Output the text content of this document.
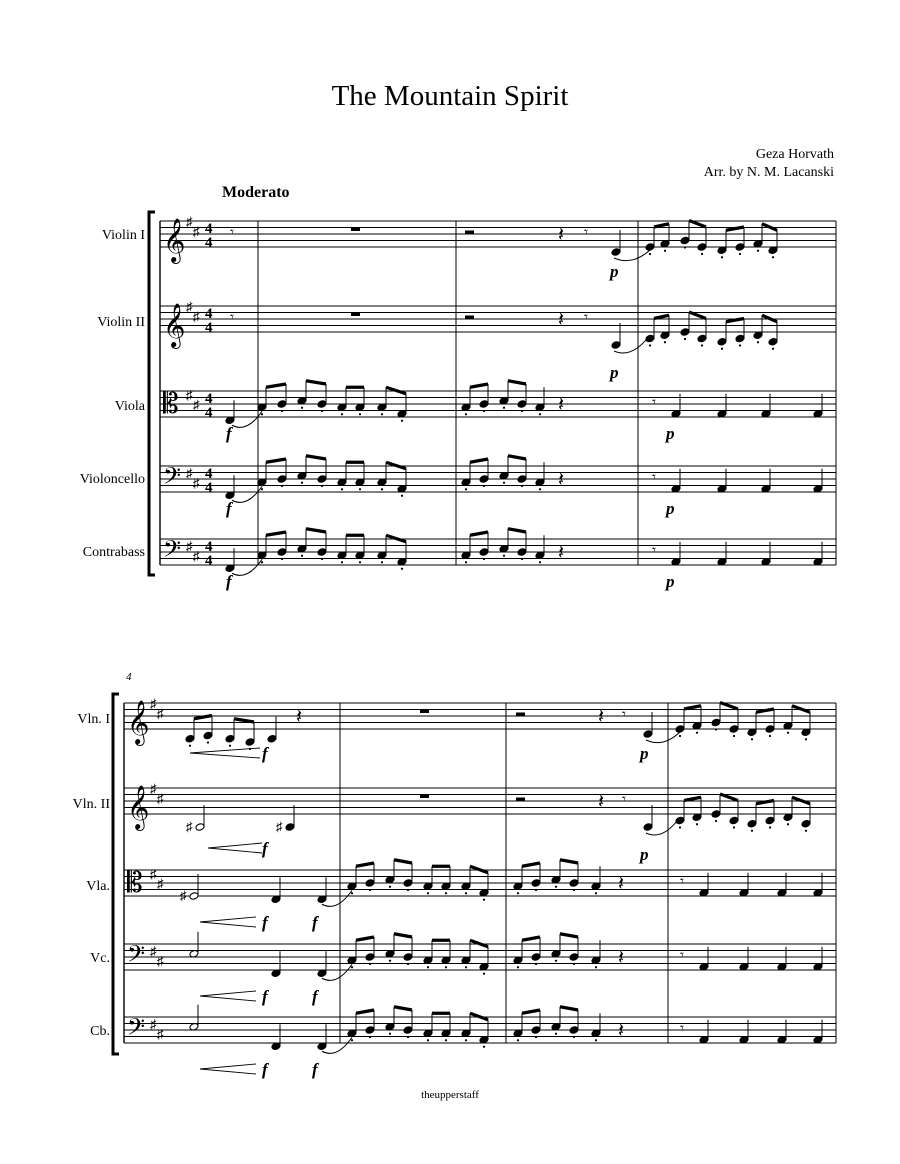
The Mountain Spirit
Geza Horvath
Arr. by N. M. Lacanski
Moderato
Violin I
Violin II
Viola
Violoncello
Contrabass
4
Vln. I
Vln. II
Vla.
Vc.
Cb.
𝄞 ♯
♯ 4
4
𝄞 ♯
♯ 4
4
𝄡 ♯
♯ 4
4
𝄢 ♯
♯
4
4
𝄢 ♯
♯
4
4
𝄾	𝄽 𝄾
p
𝄾	𝄽 𝄾
p
f
𝄽	𝄾
p
f
𝄽	𝄾
p
f
𝄽	𝄾
p
𝄞 ♯
♯
𝄞 ♯
♯
𝄡 ♯
♯
𝄢 ♯
♯
𝄢 ♯
♯
𝄽
f
♯	♯
f
♯
f	f
f	f
f	f
𝄽 𝄾
p
𝄽 𝄾
p
𝄽	𝄾
𝄽	𝄾
𝄽	𝄾
theupperstaff
